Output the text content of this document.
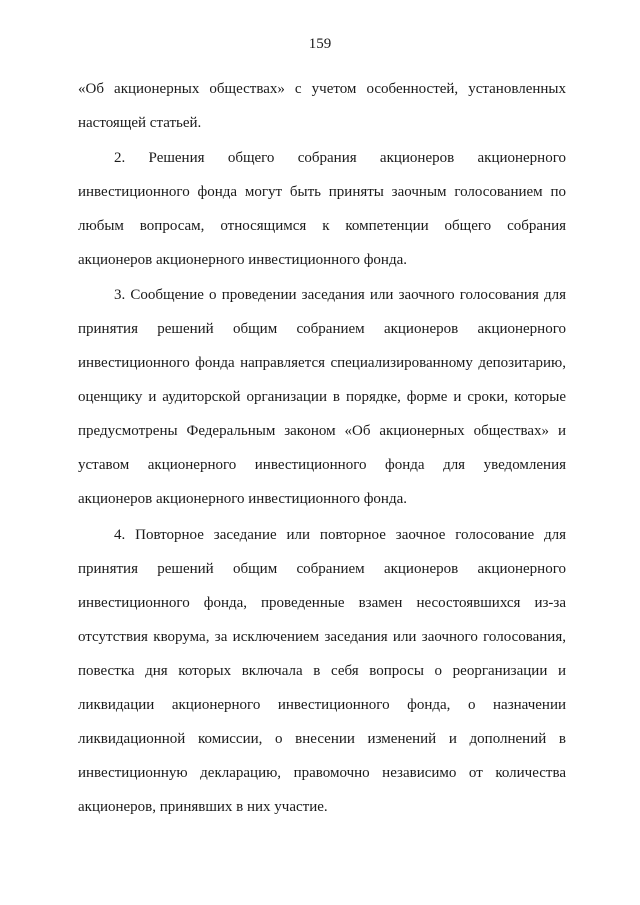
159
«Об акционерных обществах» с учетом особенностей, установленных
настоящей статьей.
2. Решения общего собрания акционеров акционерного
инвестиционного фонда могут быть приняты заочным голосованием по
любым вопросам, относящимся к компетенции общего собрания
акционеров акционерного инвестиционного фонда.
3. Сообщение о проведении заседания или заочного голосования для
принятия решений общим собранием акционеров акционерного
инвестиционного фонда направляется специализированному депозитарию,
оценщику и аудиторской организации в порядке, форме и сроки, которые
предусмотрены Федеральным законом «Об акционерных обществах» и
уставом акционерного инвестиционного фонда для уведомления
акционеров акционерного инвестиционного фонда.
4. Повторное заседание или повторное заочное голосование для
принятия решений общим собранием акционеров акционерного
инвестиционного фонда, проведенные взамен несостоявшихся из-за
отсутствия кворума, за исключением заседания или заочного голосования,
повестка дня которых включала в себя вопросы о реорганизации и
ликвидации акционерного инвестиционного фонда, о назначении
ликвидационной комиссии, о внесении изменений и дополнений в
инвестиционную декларацию, правомочно независимо от количества
акционеров, принявших в них участие.
